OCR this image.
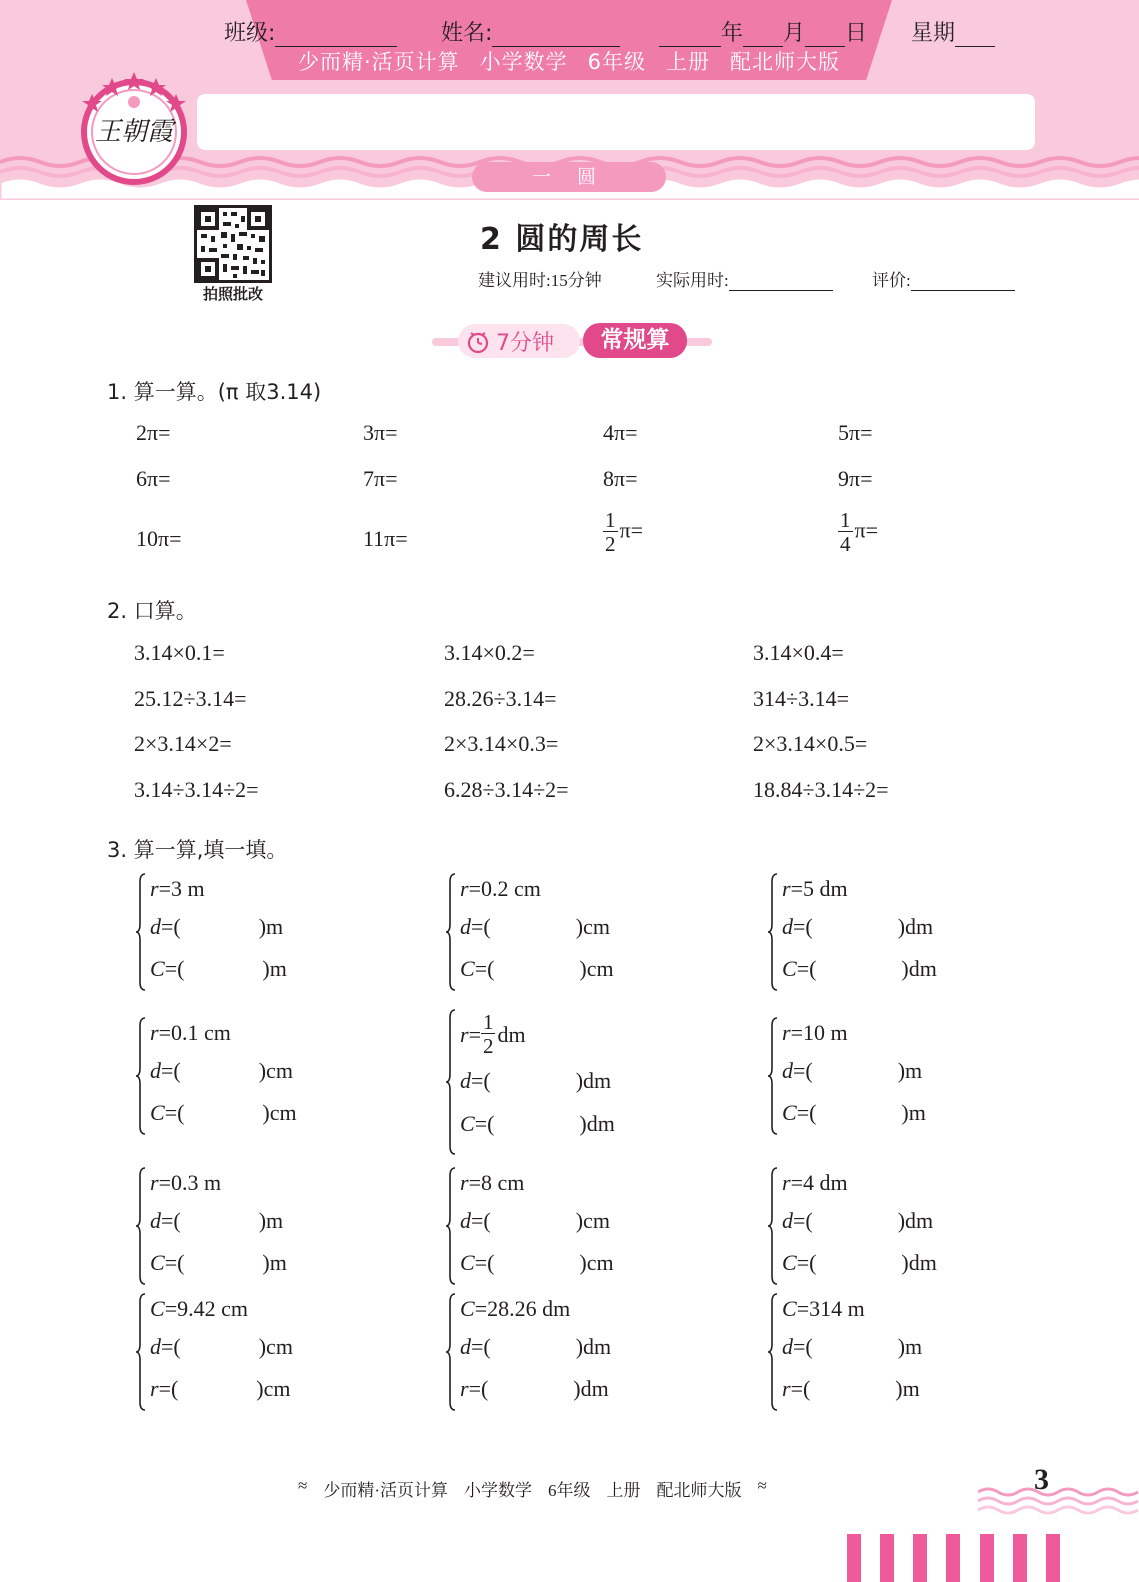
少而精·活页计算 小学数学 6年级 上册 配北师大版
班级:	姓名:	年 月 日 星期
一 圆
王朝霞
拍照批改
2 圆的周长
建议用时:15分钟	实际用时:	评价:
7分钟	常规算
1. 算一算。(π 取3.14)
2π=	3π=	4π=	5π=
6π=	7π=	8π=	9π=
10π=	11π=	$\frac{1}{2} \pi=$	$\frac{1}{4} \pi=$
2. 口算。
3.14×0.1=	3.14×0.2=	3.14×0.4=
25.12÷3.14=	28.26÷3.14=	314÷3.14=
2×3.14×2=	2×3.14×0.3=	2×3.14×0.5=
3.14÷3.14÷2=	6.28÷3.14÷2=	18.84÷3.14÷2=
3. 算一算,填一填。
r = 3 m
d =(	)m
C =(	)m
r = 0.2 cm
d =(	)cm
C =(	)cm
r = 5 dm
d =(	)dm
C =(	)dm
r = 0.1 cm
d =(	)cm
C =(	)cm
$r = \frac{1}{2}$ dm
d =(	)dm
C =(	)dm
r = 10 m
d =(	)m
C =(	)m
r = 0.3 m
d =(	)m
C =(	)m
r = 8 cm
d =(	)cm
C =(	)cm
r = 4 dm
d =(	)dm
C =(	)dm
C = 9.42 cm
d =(	)cm
r =(	)cm
C = 28.26 dm
d =(	)dm
r =(	)dm
C = 314 m
d =(	)m
r =(	)m
≈ 少而精·活页计算 小学数学 6年级 上册 配北师大版 ≈	3
